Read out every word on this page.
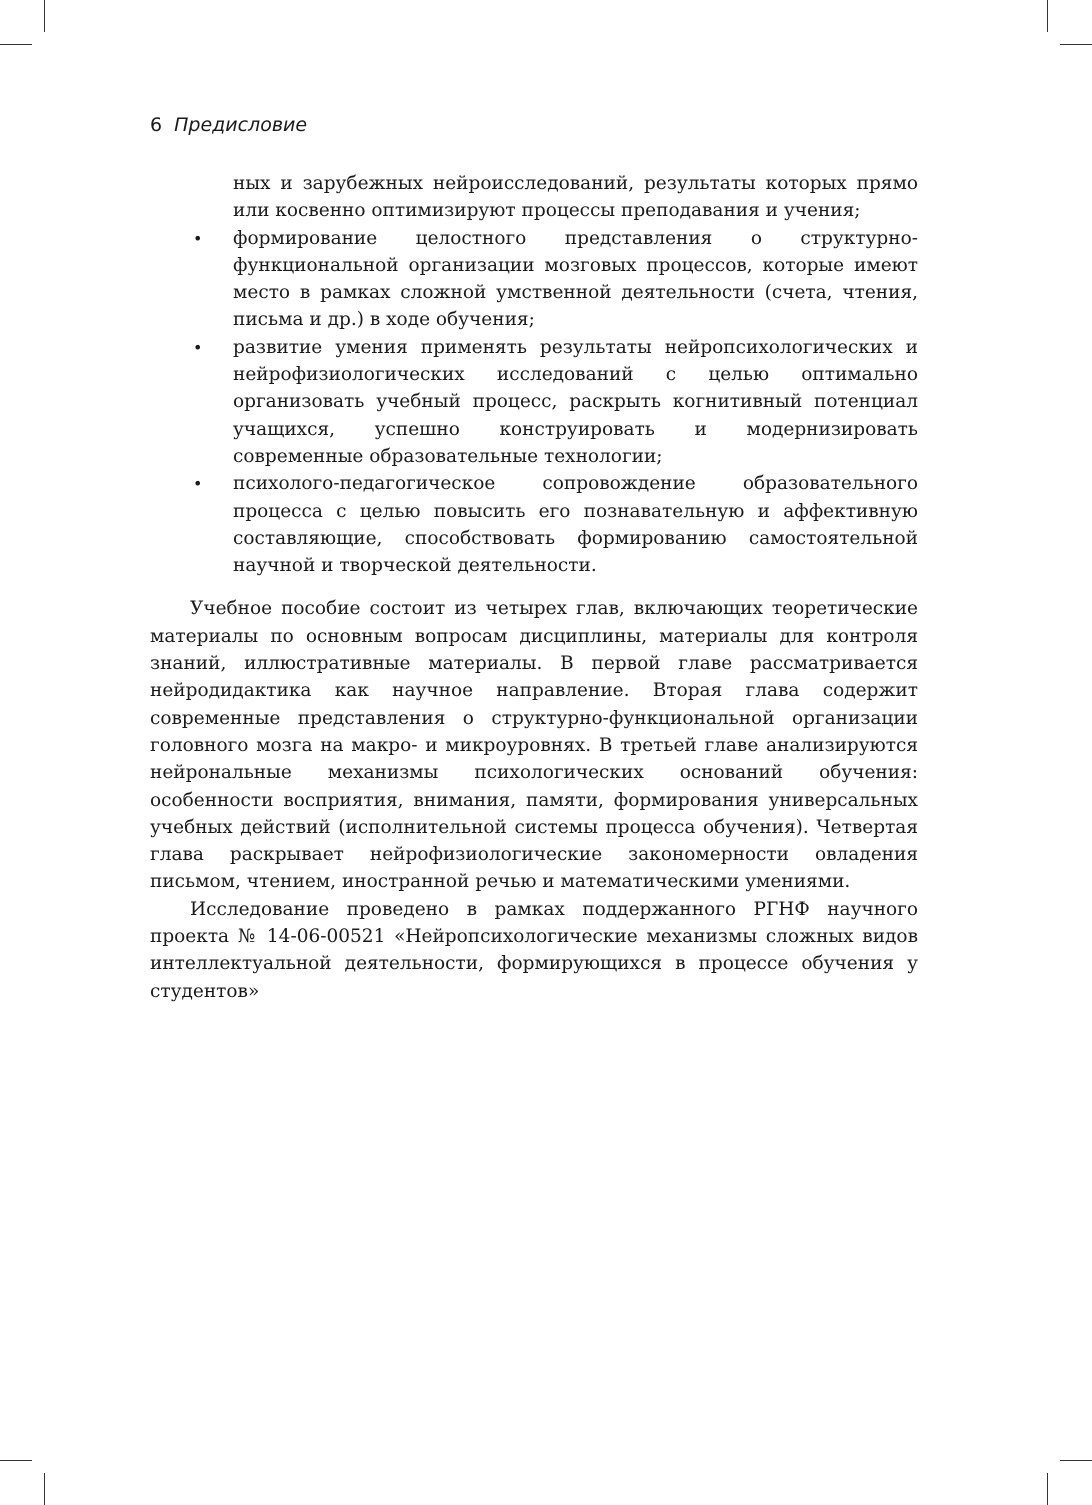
6 Предисловие

ных и зарубежных нейроисследований, результаты которых прямо или косвенно оптимизируют процессы преподавания и учения;

• формирование целостного представления о структурно-функциональной организации мозговых процессов, которые имеют место в рамках сложной умственной деятельности (счета, чтения, письма и др.) в ходе обучения;
• развитие умения применять результаты нейропсихологических и нейрофизиологических исследований с целью оптимально организовать учебный процесс, раскрыть когнитивный потенциал учащихся, успешно конструировать и модернизировать современные образовательные технологии;
• психолого-педагогическое сопровождение образовательного процесса с целью повысить его познавательную и аффективную составляющие, способствовать формированию самостоятельной научной и творческой деятельности.

Учебное пособие состоит из четырех глав, включающих теоретические материалы по основным вопросам дисциплины, материалы для контроля знаний, иллюстративные материалы. В первой главе рассматривается нейродидактика как научное направление. Вторая глава содержит современные представления о структурно-функциональной организации головного мозга на макро- и микроуровнях. В третьей главе анализируются нейрональные механизмы психологических оснований обучения: особенности восприятия, внимания, памяти, формирования универсальных учебных действий (исполнительной системы процесса обучения). Четвертая глава раскрывает нейрофизиологические закономерности овладения письмом, чтением, иностранной речью и математическими умениями.

Исследование проведено в рамках поддержанного РГНФ научного проекта № 14-06-00521 «Нейропсихологические механизмы сложных видов интеллектуальной деятельности, формирующихся в процессе обучения у студентов»
